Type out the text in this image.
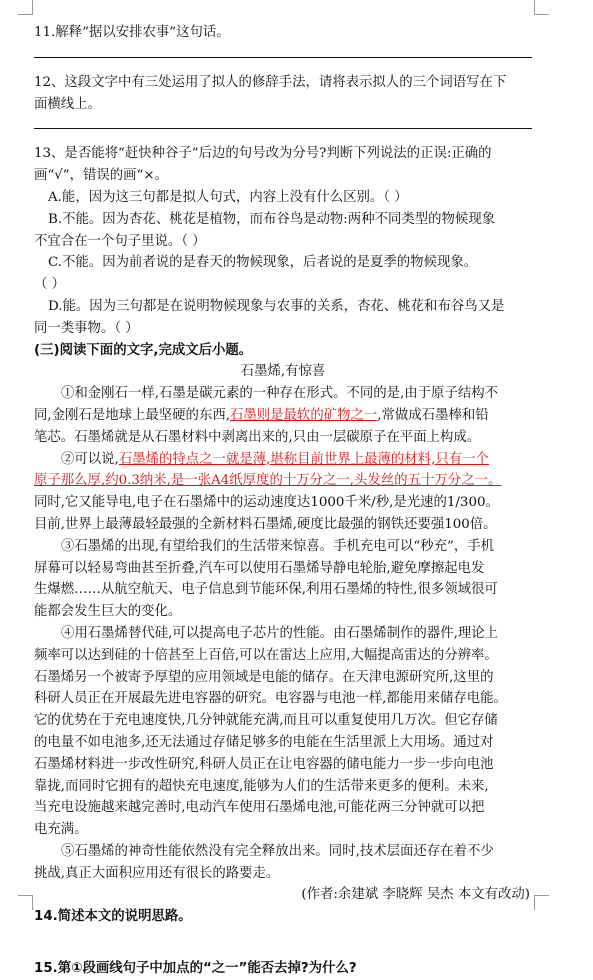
11.解释“据以安排农事”这句话。
12、这段文字中有三处运用了拟人的修辞手法，请将表示拟人的三个词语写在下
面横线上。
13、是否能将“赶快种谷子”后边的句号改为分号?判断下列说法的正误:正确的
画“√”，错误的画“×。
A.能，因为这三句都是拟人句式，内容上没有什么区别。（ ）
B.不能。因为杏花、桃花是植物，而布谷鸟是动物:两种不同类型的物候现象
不宜合在一个句子里说。（ ）
C.不能。因为前者说的是春天的物候现象，后者说的是夏季的物候现象。
（ ）
D.能。因为三句都是在说明物候现象与农事的关系，杏花、桃花和布谷鸟又是
同一类事物。（ ）
(三)阅读下面的文字,完成文后小题。
石墨烯,有惊喜
①和金刚石一样,石墨是碳元素的一种存在形式。不同的是,由于原子结构不
同,金刚石是地球上最坚硬的东西,石墨则是最软的矿物之一,常做成石墨棒和铅
笔芯。石墨烯就是从石墨材料中剥离出来的,只由一层碳原子在平面上构成。
②可以说,石墨烯的特点之一就是薄,堪称目前世界上最薄的材料,只有一个
原子那么厚,约0.3纳米,是一张A4纸厚度的十万分之一,头发丝的五十万分之一。
同时,它又能导电,电子在石墨烯中的运动速度达1000千米/秒,是光速的1/300。
目前,世界上最薄最轻最强的全新材料石墨烯,硬度比最强的钢铁还要强100倍。
③石墨烯的出现,有望给我们的生活带来惊喜。手机充电可以“秒充”，手机
屏幕可以轻易弯曲甚至折叠,汽车可以使用石墨烯导静电轮胎,避免摩擦起电发
生爆燃……从航空航天、电子信息到节能环保,利用石墨烯的特性,很多领域很可
能都会发生巨大的变化。
④用石墨烯替代硅,可以提高电子芯片的性能。由石墨烯制作的器件,理论上
频率可以达到硅的十倍甚至上百倍,可以在雷达上应用,大幅提高雷达的分辨率。
石墨烯另一个被寄予厚望的应用领域是电能的储存。在天津电源研究所,这里的
科研人员正在开展最先进电容器的研究。电容器与电池一样,都能用来储存电能。
它的优势在于充电速度快,几分钟就能充满,而且可以重复使用几万次。但它存储
的电量不如电池多,还无法通过存储足够多的电能在生活里派上大用场。通过对
石墨烯材料进一步改性研究,科研人员正在让电容器的储电能力一步一步向电池
靠拢,而同时它拥有的超快充电速度,能够为人们的生活带来更多的便利。未来,
当充电设施越来越完善时,电动汽车使用石墨烯电池,可能花两三分钟就可以把
电充满。
⑤石墨烯的神奇性能依然没有完全释放出来。同时,技术层面还存在着不少
挑战,真正大面积应用还有很长的路要走。
(作者:余建斌 李晓辉 吴杰 本文有改动)
14.简述本文的说明思路。
15.第①段画线句子中加点的“之一”能否去掉?为什么?
